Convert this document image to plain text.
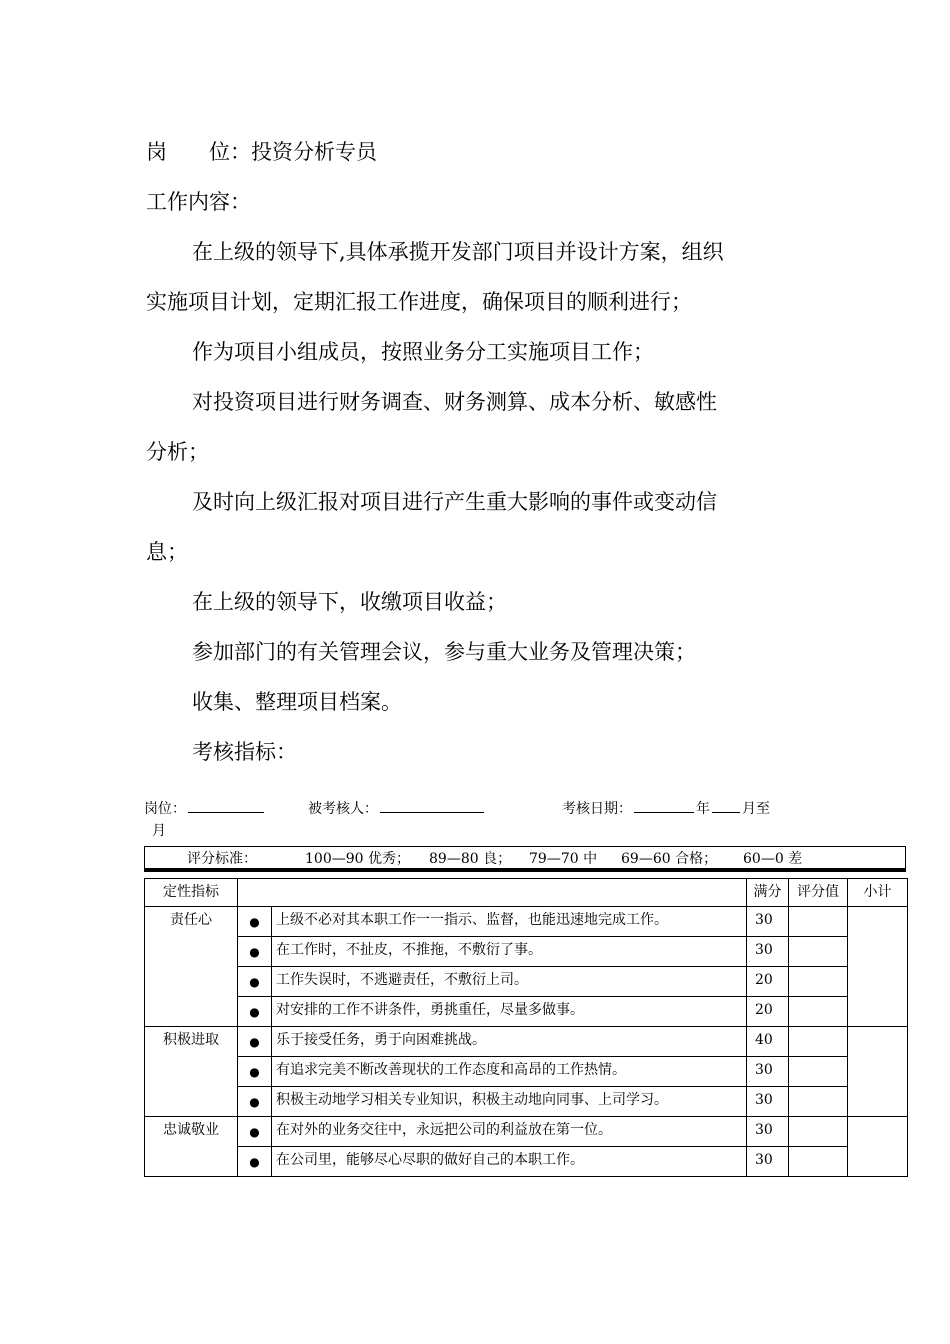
岗　　位：投资分析专员
工作内容：
在上级的领导下,具体承揽开发部门项目并设计方案，组织
实施项目计划，定期汇报工作进度，确保项目的顺利进行；
作为项目小组成员，按照业务分工实施项目工作；
对投资项目进行财务调查、财务测算、成本分析、敏感性
分析；
及时向上级汇报对项目进行产生重大影响的事件或变动信
息；
在上级的领导下，收缴项目收益；
参加部门的有关管理会议，参与重大业务及管理决策；
收集、整理项目档案。
考核指标：
岗位：	被考核人：	考核日期：	年 月至
月
评分标准：	100—90 优秀； 89—80 良； 79—70 中 69—60 合格； 60—0 差
定性指标			满分	评分值	小计
责任心	●	上级不必对其本职工作一一指示、监督，也能迅速地完成工作。	30		
	●	在工作时，不扯皮，不推拖，不敷衍了事。	30		
	●	工作失误时，不逃避责任，不敷衍上司。	20		
	●	对安排的工作不讲条件，勇挑重任，尽量多做事。	20		
积极进取	●	乐于接受任务，勇于向困难挑战。	40		
	●	有追求完美不断改善现状的工作态度和高昂的工作热情。	30		
	●	积极主动地学习相关专业知识，积极主动地向同事、上司学习。	30		
忠诚敬业	●	在对外的业务交往中，永远把公司的利益放在第一位。	30		
	●	在公司里，能够尽心尽职的做好自己的本职工作。	30		
